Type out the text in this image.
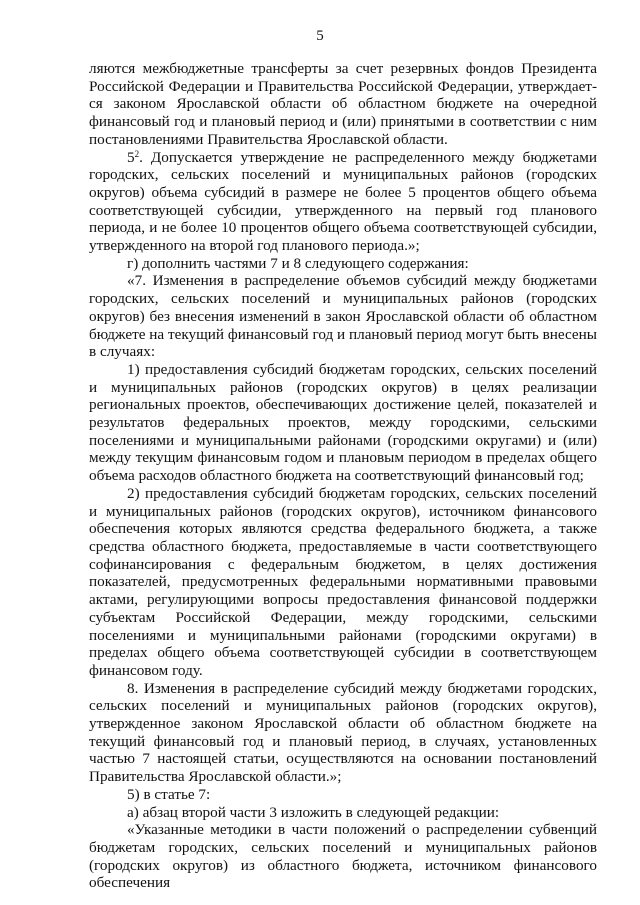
5

ляются межбюджетные трансферты за счет резервных фондов Президента Российской Федерации и Правительства Российской Федерации, утверждает-ся законом Ярославской области об областном бюджете на очередной финансовый год и плановый период и (или) принятыми в соответствии с ним постановлениями Правительства Ярославской области.

$5^2$. Допускается утверждение не распределенного между бюджетами городских, сельских поселений и муниципальных районов (городских округов) объема субсидий в размере не более 5 процентов общего объема соответствующей субсидии, утвержденного на первый год планового периода, и не более 10 процентов общего объема соответствующей субсидии, утвержденного на второй год планового периода.»;

г) дополнить частями 7 и 8 следующего содержания:

«7. Изменения в распределение объемов субсидий между бюджетами городских, сельских поселений и муниципальных районов (городских округов) без внесения изменений в закон Ярославской области об областном бюджете на текущий финансовый год и плановый период могут быть внесены в случаях:

1) предоставления субсидий бюджетам городских, сельских поселений и муниципальных районов (городских округов) в целях реализации региональных проектов, обеспечивающих достижение целей, показателей и результатов федеральных проектов, между городскими, сельскими поселениями и муниципальными районами (городскими округами) и (или) между текущим финансовым годом и плановым периодом в пределах общего объема расходов областного бюджета на соответствующий финансовый год;

2) предоставления субсидий бюджетам городских, сельских поселений и муниципальных районов (городских округов), источником финансового обеспечения которых являются средства федерального бюджета, а также средства областного бюджета, предоставляемые в части соответствующего софинансирования с федеральным бюджетом, в целях достижения показателей, предусмотренных федеральными нормативными правовыми актами, регулирующими вопросы предоставления финансовой поддержки субъектам Российской Федерации, между городскими, сельскими поселениями и муниципальными районами (городскими округами) в пределах общего объема соответствующей субсидии в соответствующем финансовом году.

8. Изменения в распределение субсидий между бюджетами городских, сельских поселений и муниципальных районов (городских округов), утвержденное законом Ярославской области об областном бюджете на текущий финансовый год и плановый период, в случаях, установленных частью 7 настоящей статьи, осуществляются на основании постановлений Правительства Ярославской области.»;

5) в статье 7:

а) абзац второй части 3 изложить в следующей редакции:

«Указанные методики в части положений о распределении субвенций бюджетам городских, сельских поселений и муниципальных районов (городских округов) из областного бюджета, источником финансового обеспечения
